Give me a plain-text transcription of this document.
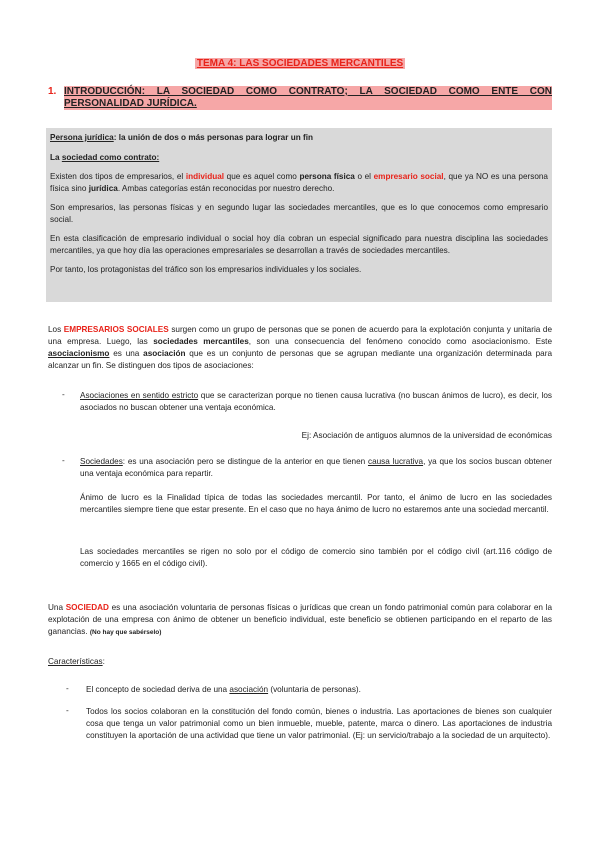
TEMA 4: LAS SOCIEDADES MERCANTILES
1. INTRODUCCIÓN: LA SOCIEDAD COMO CONTRATO; LA SOCIEDAD COMO ENTE CON PERSONALIDAD JURÍDICA.

Persona jurídica: la unión de dos o más personas para lograr un fin

La sociedad como contrato:

Existen dos tipos de empresarios, el individual que es aquel como persona física o el empresario social, que ya NO es una persona física sino jurídica. Ambas categorías están reconocidas por nuestro derecho.

Son empresarios, las personas físicas y en segundo lugar las sociedades mercantiles, que es lo que conocemos como empresario social.

En esta clasificación de empresario individual o social hoy día cobran un especial significado para nuestra disciplina las sociedades mercantiles, ya que hoy día las operaciones empresariales se desarrollan a través de sociedades mercantiles.

Por tanto, los protagonistas del tráfico son los empresarios individuales y los sociales.

Los EMPRESARIOS SOCIALES surgen como un grupo de personas que se ponen de acuerdo para la explotación conjunta y unitaria de una empresa. Luego, las sociedades mercantiles, son una consecuencia del fenómeno conocido como asociacionismo. Este asociacionismo es una asociación que es un conjunto de personas que se agrupan mediante una organización determinada para alcanzar un fin. Se distinguen dos tipos de asociaciones:

- Asociaciones en sentido estricto que se caracterizan porque no tienen causa lucrativa (no buscan ánimos de lucro), es decir, los asociados no buscan obtener una ventaja económica.
Ej: Asociación de antiguos alumnos de la universidad de económicas
- Sociedades: es una asociación pero se distingue de la anterior en que tienen causa lucrativa, ya que los socios buscan obtener una ventaja económica para repartir.
Ánimo de lucro es la Finalidad típica de todas las sociedades mercantil. Por tanto, el ánimo de lucro en las sociedades mercantiles siempre tiene que estar presente. En el caso que no haya ánimo de lucro no estaremos ante una sociedad mercantil.
Las sociedades mercantiles se rigen no solo por el código de comercio sino también por el código civil (art.116 código de comercio y 1665 en el código civil).

Una SOCIEDAD es una asociación voluntaria de personas físicas o jurídicas que crean un fondo patrimonial común para colaborar en la explotación de una empresa con ánimo de obtener un beneficio individual, este beneficio se obtienen participando en el reparto de las ganancias. (No hay que sabérselo)

Características:

- El concepto de sociedad deriva de una asociación (voluntaria de personas).
- Todos los socios colaboran en la constitución del fondo común, bienes o industria. Las aportaciones de bienes son cualquier cosa que tenga un valor patrimonial como un bien inmueble, mueble, patente, marca o dinero. Las aportaciones de industria constituyen la aportación de una actividad que tiene un valor patrimonial. (Ej: un servicio/trabajo a la sociedad de un arquitecto).
